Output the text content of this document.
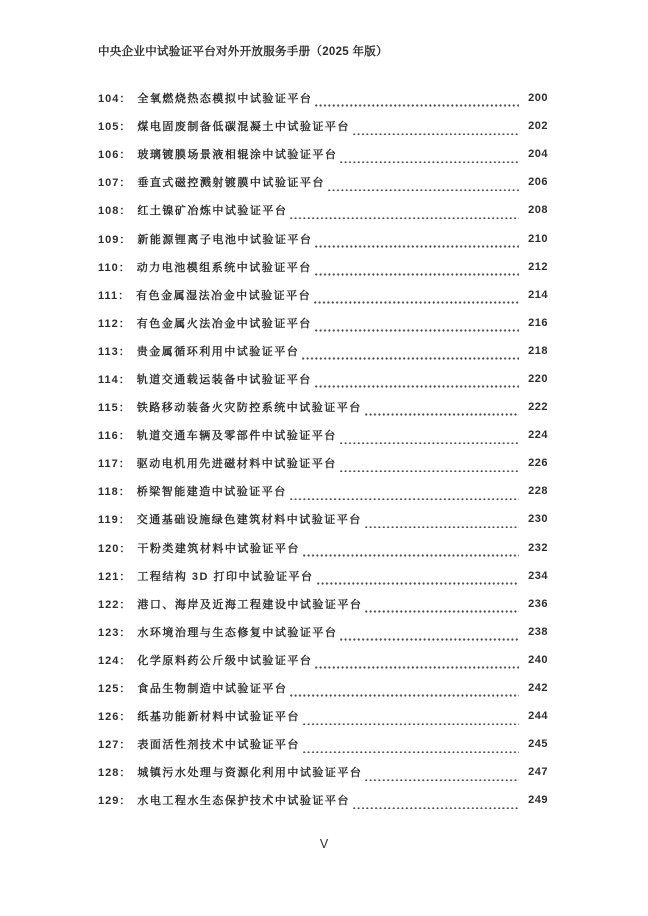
中央企业中试验证平台对外开放服务手册（2025 年版）
104： 全氧燃烧热态模拟中试验证平台	200
105： 煤电固废制备低碳混凝土中试验证平台	202
106： 玻璃镀膜场景液相辊涂中试验证平台	204
107： 垂直式磁控溅射镀膜中试验证平台	206
108： 红土镍矿冶炼中试验证平台	208
109： 新能源锂离子电池中试验证平台	210
110： 动力电池模组系统中试验证平台	212
111： 有色金属湿法冶金中试验证平台	214
112： 有色金属火法冶金中试验证平台	216
113： 贵金属循环利用中试验证平台	218
114： 轨道交通载运装备中试验证平台	220
115： 铁路移动装备火灾防控系统中试验证平台	222
116： 轨道交通车辆及零部件中试验证平台	224
117： 驱动电机用先进磁材料中试验证平台	226
118： 桥梁智能建造中试验证平台	228
119： 交通基础设施绿色建筑材料中试验证平台	230
120： 干粉类建筑材料中试验证平台	232
121： 工程结构 3D 打印中试验证平台	234
122： 港口、海岸及近海工程建设中试验证平台	236
123： 水环境治理与生态修复中试验证平台	238
124： 化学原料药公斤级中试验证平台	240
125： 食品生物制造中试验证平台	242
126： 纸基功能新材料中试验证平台	244
127： 表面活性剂技术中试验证平台	245
128： 城镇污水处理与资源化利用中试验证平台	247
129： 水电工程水生态保护技术中试验证平台	249
V
